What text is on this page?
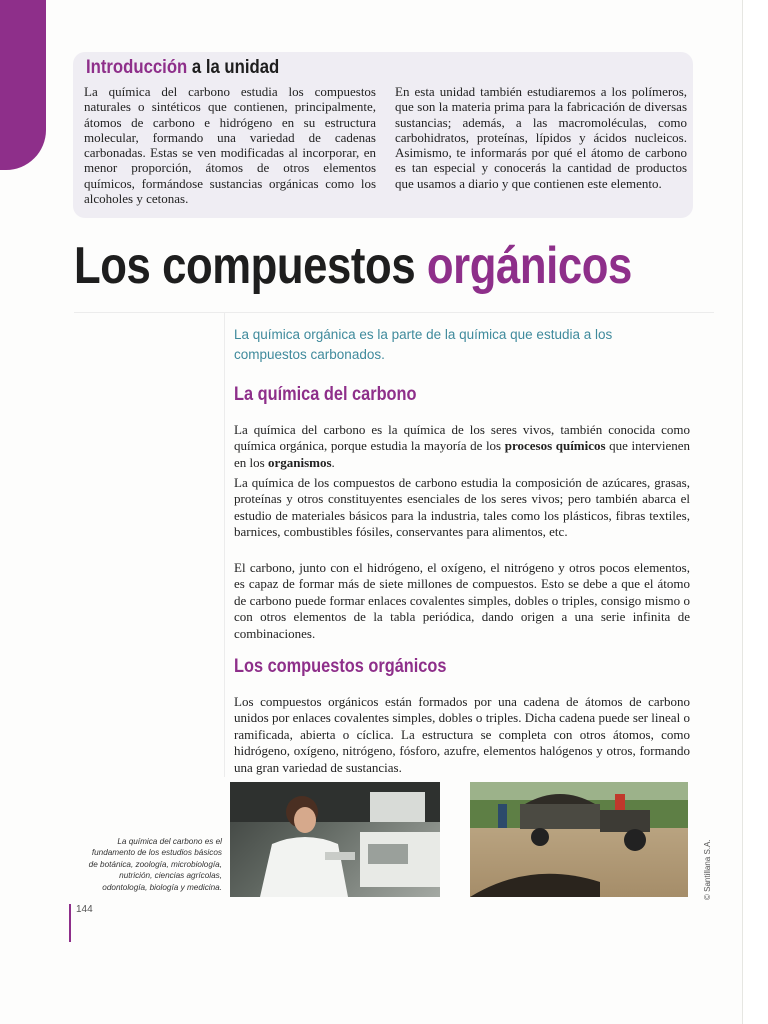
Introducción a la unidad

La química del carbono estudia los compuestos naturales o sintéticos que contienen, principalmente, átomos de carbono e hidrógeno en su estructura molecular, formando una variedad de cadenas carbonadas. Estas se ven modificadas al incorporar, en menor proporción, átomos de otros elementos químicos, formándose sustancias orgánicas como los alcoholes y cetonas.

En esta unidad también estudiaremos a los polímeros, que son la materia prima para la fabricación de diversas sustancias; además, a las macromoléculas, como carbohidratos, proteínas, lípidos y ácidos nucleicos. Asimismo, te informarás por qué el átomo de carbono es tan especial y conocerás la cantidad de productos que usamos a diario y que contienen este elemento.

Los compuestos orgánicos

La química orgánica es la parte de la química que estudia a los compuestos carbonados.

La química del carbono

La química del carbono es la química de los seres vivos, también conocida como química orgánica, porque estudia la mayoría de los procesos químicos que intervienen en los organismos.

La química de los compuestos de carbono estudia la composición de azúcares, grasas, proteínas y otros constituyentes esenciales de los seres vivos; pero también abarca el estudio de materiales básicos para la industria, tales como los plásticos, fibras textiles, barnices, combustibles fósiles, conservantes para alimentos, etc.

El carbono, junto con el hidrógeno, el oxígeno, el nitrógeno y otros pocos elementos, es capaz de formar más de siete millones de compuestos. Esto se debe a que el átomo de carbono puede formar enlaces covalentes simples, dobles o triples, consigo mismo o con otros elementos de la tabla periódica, dando origen a una serie infinita de combinaciones.

Los compuestos orgánicos

Los compuestos orgánicos están formados por una cadena de átomos de carbono unidos por enlaces covalentes simples, dobles o triples. Dicha cadena puede ser lineal o ramificada, abierta o cíclica. La estructura se completa con otros átomos, como hidrógeno, oxígeno, nitrógeno, fósforo, azufre, elementos halógenos y otros, formando una gran variedad de sustancias.

La química del carbono es el fundamento de los estudios básicos de botánica, zoología, microbiología, nutrición, ciencias agrícolas, odontología, biología y medicina.

144

© Santillana S.A.
